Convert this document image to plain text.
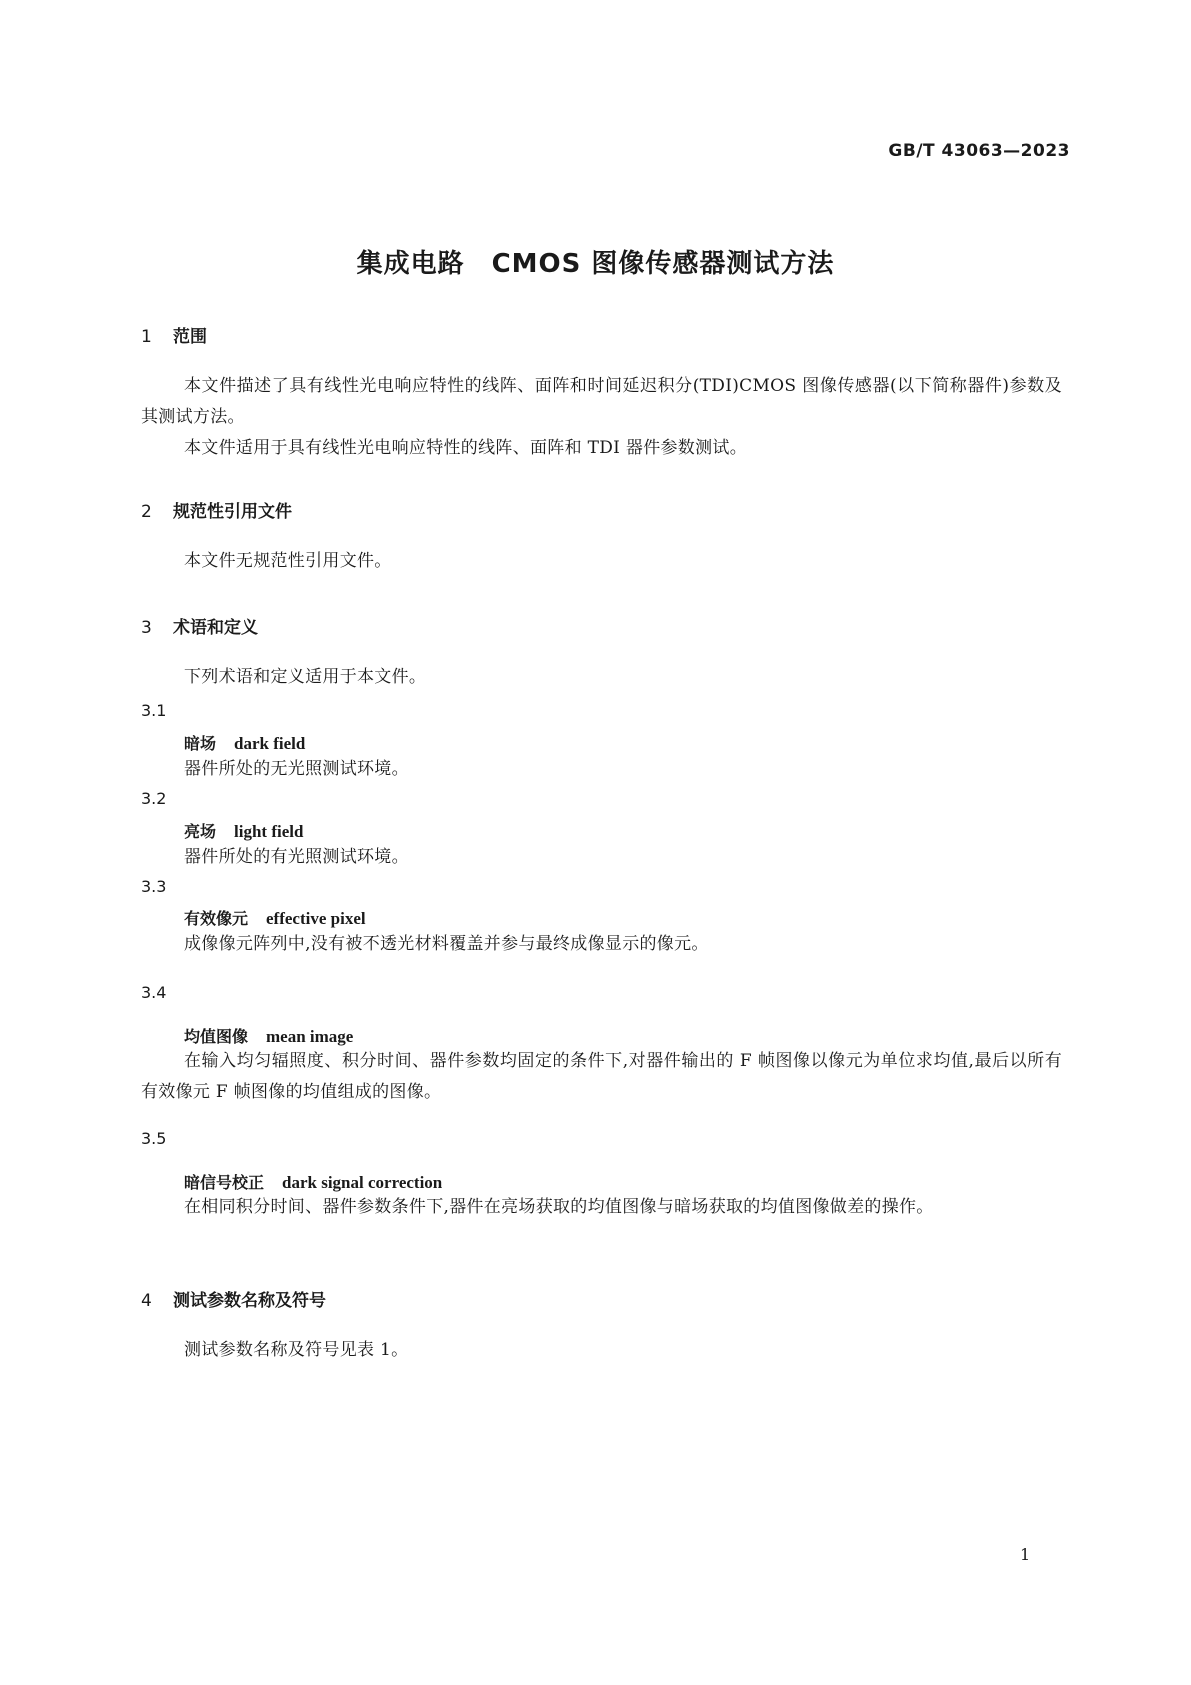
GB/T 43063—2023
集成电路　CMOS 图像传感器测试方法
1 范围
本文件描述了具有线性光电响应特性的线阵、面阵和时间延迟积分(TDI)CMOS 图像传感器(以下简称器件)参数及其测试方法。
本文件适用于具有线性光电响应特性的线阵、面阵和 TDI 器件参数测试。
2 规范性引用文件
本文件无规范性引用文件。
3 术语和定义
下列术语和定义适用于本文件。
3.1
暗场 dark field
器件所处的无光照测试环境。
3.2
亮场 light field
器件所处的有光照测试环境。
3.3
有效像元 effective pixel
成像像元阵列中,没有被不透光材料覆盖并参与最终成像显示的像元。
3.4
均值图像 mean image
在输入均匀辐照度、积分时间、器件参数均固定的条件下,对器件输出的 F 帧图像以像元为单位求均值,最后以所有有效像元 F 帧图像的均值组成的图像。
3.5
暗信号校正 dark signal correction
在相同积分时间、器件参数条件下,器件在亮场获取的均值图像与暗场获取的均值图像做差的操作。
4 测试参数名称及符号
测试参数名称及符号见表 1。
1
